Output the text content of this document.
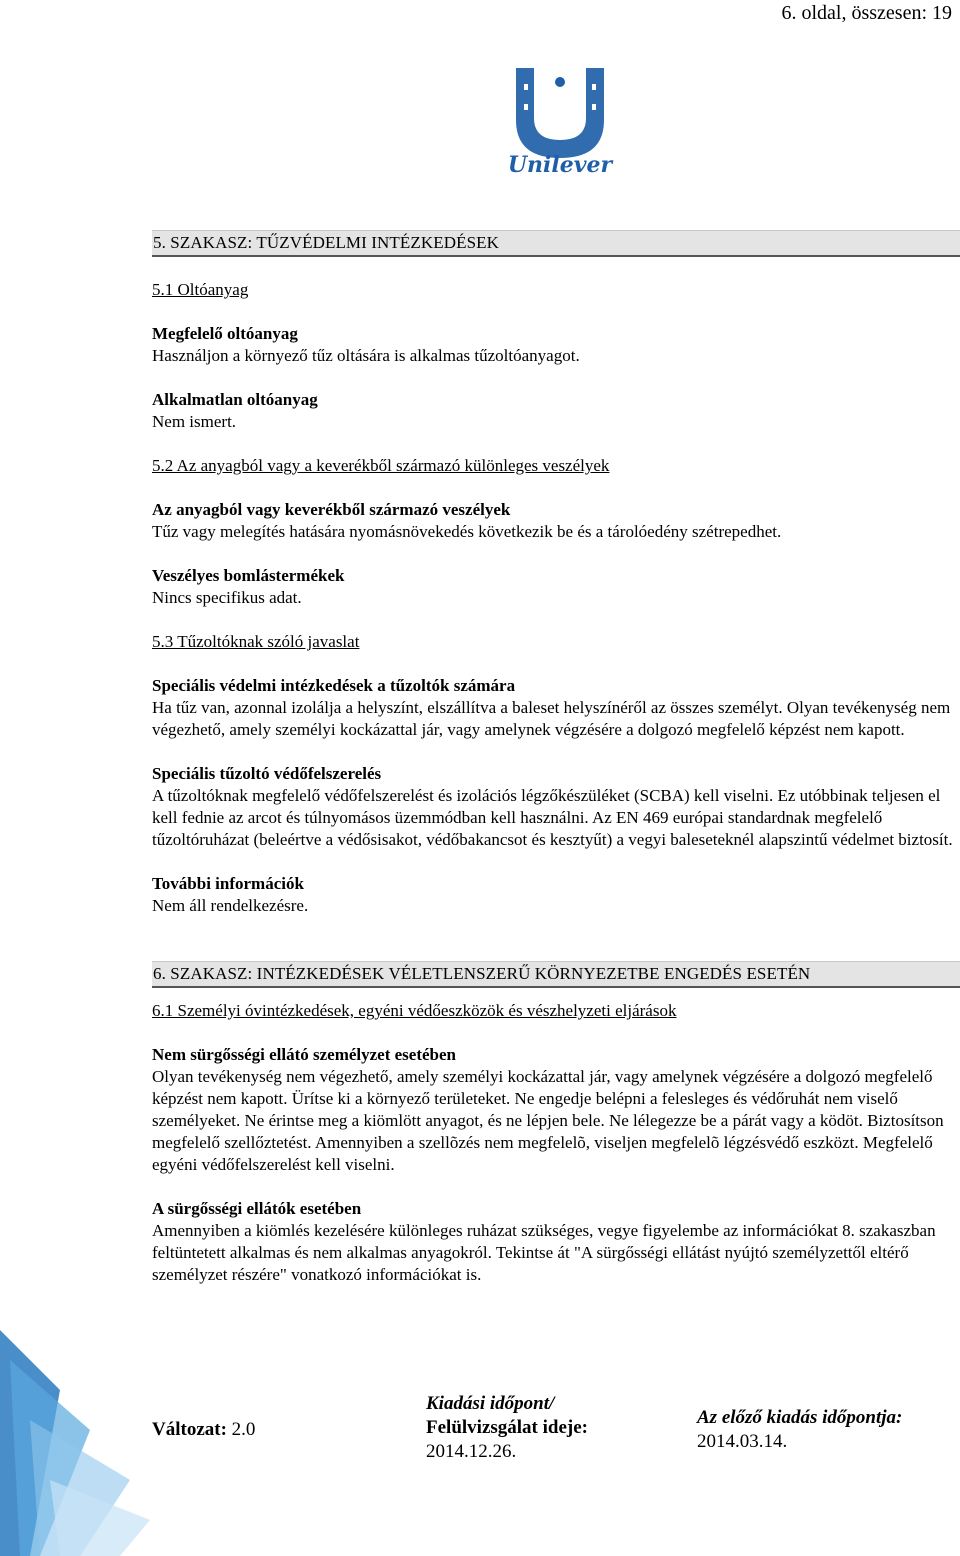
6. oldal, összesen: 19
Unilever
5. SZAKASZ: TŰZVÉDELMI INTÉZKEDÉSEK

5.1 Oltóanyag

Megfelelő oltóanyag

Használjon a környező tűz oltására is alkalmas tűzoltóanyagot.

Alkalmatlan oltóanyag

Nem ismert.

5.2 Az anyagból vagy a keverékből származó különleges veszélyek

Az anyagból vagy keverékből származó veszélyek

Tűz vagy melegítés hatására nyomásnövekedés következik be és a tárolóedény szétrepedhet.

Veszélyes bomlástermékek

Nincs specifikus adat.

5.3 Tűzoltóknak szóló javaslat

Speciális védelmi intézkedések a tűzoltók számára

Ha tűz van, azonnal izolálja a helyszínt, elszállítva a baleset helyszínéről az összes személyt. Olyan tevékenység nem végezhető, amely személyi kockázattal jár, vagy amelynek végzésére a dolgozó megfelelő képzést nem kapott.

Speciális tűzoltó védőfelszerelés

A tűzoltóknak megfelelő védőfelszerelést és izolációs légzőkészüléket (SCBA) kell viselni. Ez utóbbinak teljesen el kell fednie az arcot és túlnyomásos üzemmódban kell használni. Az EN 469 európai standardnak megfelelő tűzoltóruházat (beleértve a védősisakot, védőbakancsot és kesztyűt) a vegyi baleseteknél alapszintű védelmet biztosít.

További információk

Nem áll rendelkezésre.

6. SZAKASZ: INTÉZKEDÉSEK VÉLETLENSZERŰ KÖRNYEZETBE ENGEDÉS ESETÉN

6.1 Személyi óvintézkedések, egyéni védőeszközök és vészhelyzeti eljárások

Nem sürgősségi ellátó személyzet esetében

Olyan tevékenység nem végezhető, amely személyi kockázattal jár, vagy amelynek végzésére a dolgozó megfelelő képzést nem kapott. Ürítse ki a környező területeket. Ne engedje belépni a felesleges és védőruhát nem viselő személyeket. Ne érintse meg a kiömlött anyagot, és ne lépjen bele. Ne lélegezze be a párát vagy a ködöt. Biztosítson megfelelő szellőztetést. Amennyiben a szellõzés nem megfelelõ, viseljen megfelelõ légzésvédő eszközt. Megfelelő egyéni védőfelszerelést kell viselni.

A sürgősségi ellátók esetében

Amennyiben a kiömlés kezelésére különleges ruházat szükséges, vegye figyelembe az információkat 8. szakaszban feltüntetett alkalmas és nem alkalmas anyagokról. Tekintse át "A sürgősségi ellátást nyújtó személyzettől eltérő személyzet részére" vonatkozó információkat is.

Változat: 2.0
Kiadási időpont/
Felülvizsgálat ideje:
2014.12.26.
Az előző kiadás időpontja:
2014.03.14.
